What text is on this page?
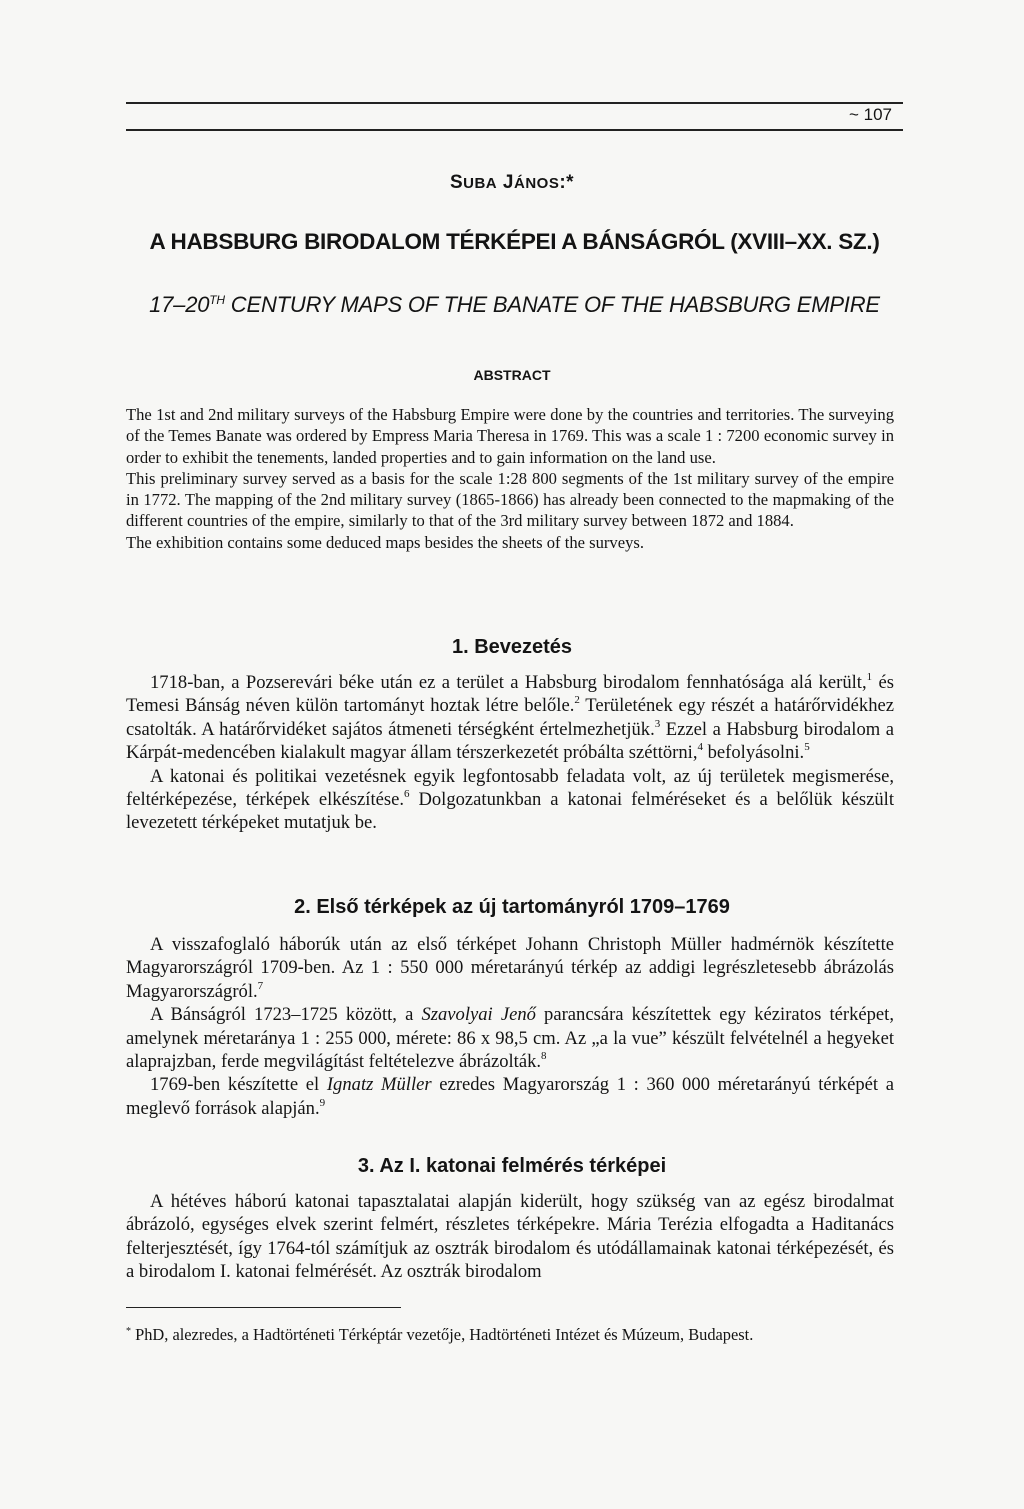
~ 107
SUBA JÁNOS:*
A HABSBURG BIRODALOM TÉRKÉPEI A BÁNSÁGRÓL (XVIII–XX. SZ.)
17–20TH CENTURY MAPS OF THE BANATE OF THE HABSBURG EMPIRE
ABSTRACT

The 1st and 2nd military surveys of the Habsburg Empire were done by the countries and territories. The surveying of the Temes Banate was ordered by Empress Maria Theresa in 1769. This was a scale 1 : 7200 economic survey in order to exhibit the tenements, landed properties and to gain information on the land use.

This preliminary survey served as a basis for the scale 1:28 800 segments of the 1st military survey of the empire in 1772. The mapping of the 2nd military survey (1865-1866) has already been connected to the mapmaking of the different countries of the empire, similarly to that of the 3rd military survey between 1872 and 1884.

The exhibition contains some deduced maps besides the sheets of the surveys.

1. Bevezetés

1718-ban, a Pozserevári béke után ez a terület a Habsburg birodalom fennhatósága alá került,$^1$ és Temesi Bánság néven külön tartományt hoztak létre belőle.$^2$ Területének egy részét a határőrvidékhez csatolták. A határőrvidéket sajátos átmeneti térségként értelmezhetjük.$^3$ Ezzel a Habsburg birodalom a Kárpát-medencében kialakult magyar állam térszerkezetét próbálta széttörni,$^4$ befolyásolni.$^5$

A katonai és politikai vezetésnek egyik legfontosabb feladata volt, az új területek megismerése, feltérképezése, térképek elkészítése.$^6$ Dolgozatunkban a katonai felméréseket és a belőlük készült levezetett térképeket mutatjuk be.

2. Első térképek az új tartományról 1709–1769

A visszafoglaló háborúk után az első térképet Johann Christoph Müller hadmérnök készítette Magyarországról 1709-ben. Az 1 : 550 000 méretarányú térkép az addigi legrészletesebb ábrázolás Magyarországról.$^7$

A Bánságról 1723–1725 között, a Szavolyai Jenő parancsára készítettek egy kéziratos térképet, amelynek méretaránya 1 : 255 000, mérete: 86 x 98,5 cm. Az „a la vue” készült felvételnél a hegyeket alaprajzban, ferde megvilágítást feltételezve ábrázolták.$^8$

1769-ben készítette el Ignatz Müller ezredes Magyarország 1 : 360 000 méretarányú térképét a meglevő források alapján.$^9$

3. Az I. katonai felmérés térképei

A hétéves háború katonai tapasztalatai alapján kiderült, hogy szükség van az egész birodalmat ábrázoló, egységes elvek szerint felmért, részletes térképekre. Mária Terézia elfogadta a Haditanács felterjesztését, így 1764-tól számítjuk az osztrák birodalom és utódállamainak katonai térképezését, és a birodalom I. katonai felmérését. Az osztrák birodalom

* PhD, alezredes, a Hadtörténeti Térképtár vezetője, Hadtörténeti Intézet és Múzeum, Budapest.
